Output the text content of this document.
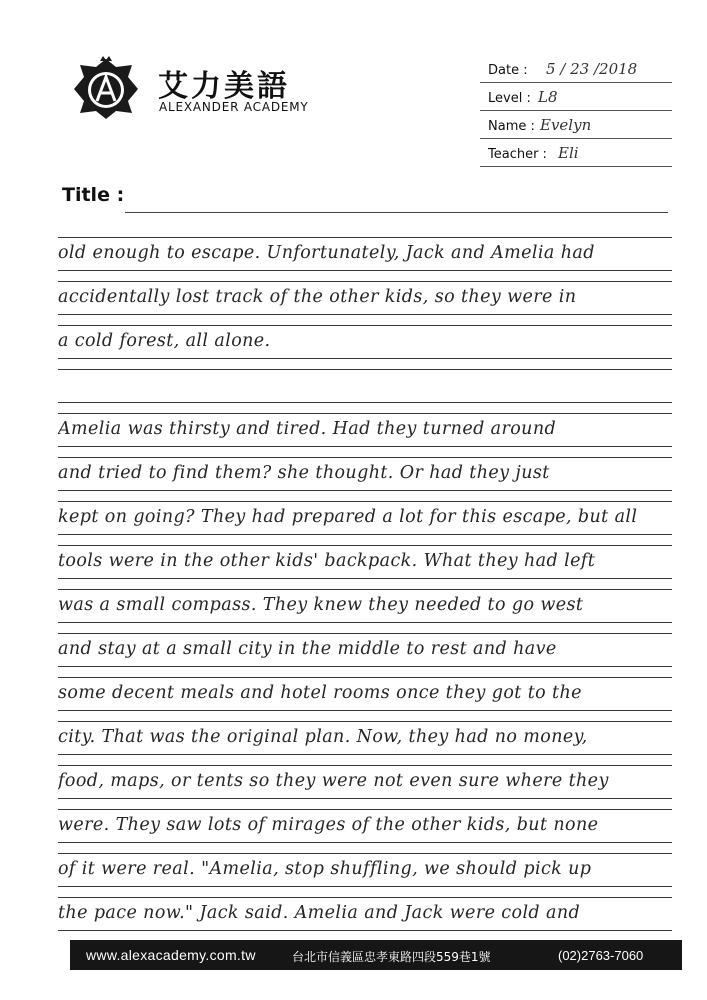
艾力美語
ALEXANDER ACADEMY
Date : 5 / 23 /2018
Level : L8
Name : Evelyn
Teacher : Eli
Title :
old enough to escape. Unfortunately, Jack and Amelia had
accidentally lost track of the other kids, so they were in
a cold forest, all alone.
Amelia was thirsty and tired. Had they turned around
and tried to find them? she thought. Or had they just
kept on going? They had prepared a lot for this escape, but all
tools were in the other kids' backpack. What they had left
was a small compass. They knew they needed to go west
and stay at a small city in the middle to rest and have
some decent meals and hotel rooms once they got to the
city. That was the original plan. Now, they had no money,
food, maps, or tents so they were not even sure where they
were. They saw lots of mirages of the other kids, but none
of it were real. "Amelia, stop shuffling, we should pick up
the pace now." Jack said. Amelia and Jack were cold and
www.alexacademy.com.tw	台北市信義區忠孝東路四段559巷1號	(02)2763-7060
